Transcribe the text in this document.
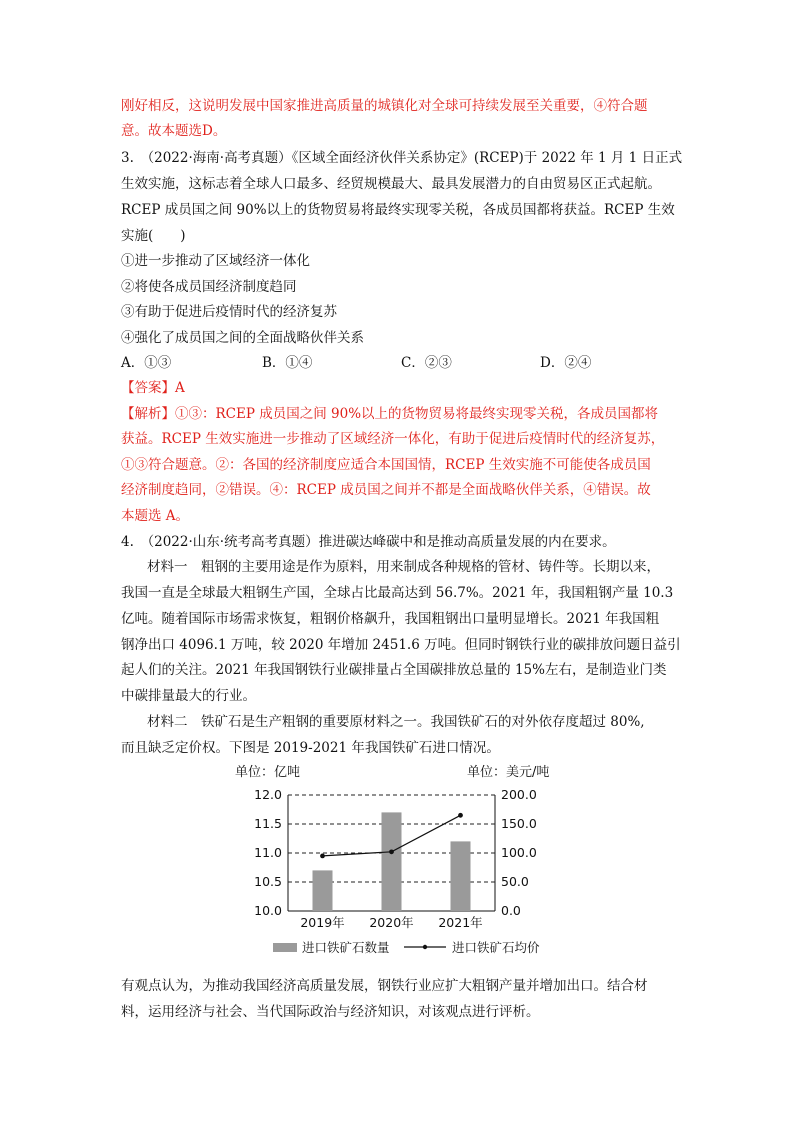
刚好相反，这说明发展中国家推进高质量的城镇化对全球可持续发展至关重要，④符合题
意。故本题选D。
3.　（2022·海南·高考真题）《区域全面经济伙伴关系协定》(RCEP)于 2022 年 1 月 1 日正式
生效实施，这标志着全球人口最多、经贸规模最大、最具发展潜力的自由贸易区正式起航。
RCEP 成员国之间 90%以上的货物贸易将最终实现零关税，各成员国都将获益。RCEP 生效
实施(　　)
①进一步推动了区域经济一体化
②将使各成员国经济制度趋同
③有助于促进后疫情时代的经济复苏
④强化了成员国之间的全面战略伙伴关系
A．①③	B．①④	C．②③	D．②④
【答案】A
【解析】①③：RCEP 成员国之间 90%以上的货物贸易将最终实现零关税，各成员国都将
获益。RCEP 生效实施进一步推动了区域经济一体化，有助于促进后疫情时代的经济复苏，
①③符合题意。②：各国的经济制度应适合本国国情，RCEP 生效实施不可能使各成员国
经济制度趋同，②错误。④：RCEP 成员国之间并不都是全面战略伙伴关系，④错误。故
本题选 A。
4.　（2022·山东·统考高考真题）推进碳达峰碳中和是推动高质量发展的内在要求。
材料一　粗钢的主要用途是作为原料，用来制成各种规格的管材、铸件等。长期以来，
我国一直是全球最大粗钢生产国，全球占比最高达到 56.7%。2021 年，我国粗钢产量 10.3
亿吨。随着国际市场需求恢复，粗钢价格飙升，我国粗钢出口量明显增长。2021 年我国粗
钢净出口 4096.1 万吨，较 2020 年增加 2451.6 万吨。但同时钢铁行业的碳排放问题日益引
起人们的关注。2021 年我国钢铁行业碳排量占全国碳排放总量的 15%左右，是制造业门类
中碳排量最大的行业。
材料二　铁矿石是生产粗钢的重要原材料之一。我国铁矿石的对外依存度超过 80%,
而且缺乏定价权。下图是 2019-2021 年我国铁矿石进口情况。
单位：亿吨	单位：美元/吨
10.0	0.0
10.5	50.0
11.0	100.0
11.5	150.0
12.0	200.0
2019年 2020年 2021年
进口铁矿石数量	进口铁矿石均价
有观点认为，为推动我国经济高质量发展，钢铁行业应扩大粗钢产量并增加出口。结合材
料，运用经济与社会、当代国际政治与经济知识，对该观点进行评析。
